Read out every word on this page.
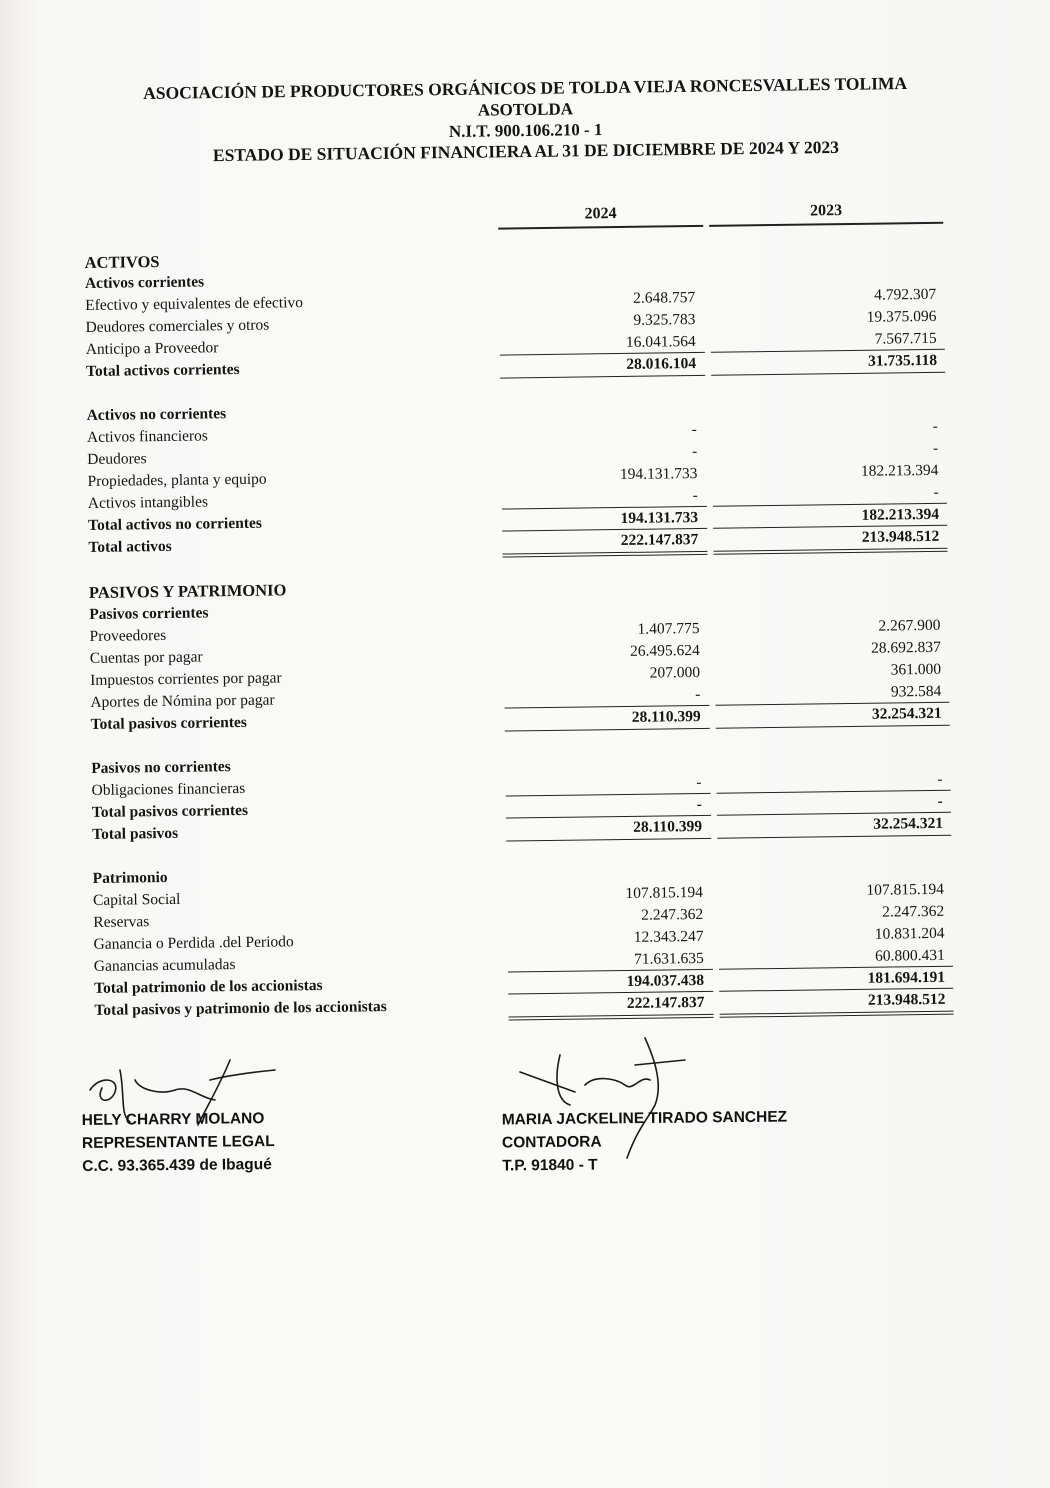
ASOCIACIÓN DE PRODUCTORES ORGÁNICOS DE TOLDA VIEJA RONCESVALLES TOLIMA
ASOTOLDA
N.I.T. 900.106.210 - 1
ESTADO DE SITUACIÓN FINANCIERA AL 31 DE DICIEMBRE DE 2024 Y 2023
2024	2023
ACTIVOS
Activos corrientes
Efectivo y equivalentes de efectivo	2.648.757	4.792.307
Deudores comerciales y otros	9.325.783	19.375.096
Anticipo a Proveedor	16.041.564	7.567.715
Total activos corrientes	28.016.104	31.735.118
Activos no corrientes
Activos financieros	-	-
Deudores	-	-
Propiedades, planta y equipo	194.131.733	182.213.394
Activos intangibles	-	-
Total activos no corrientes	194.131.733	182.213.394
Total activos	222.147.837	213.948.512
PASIVOS Y PATRIMONIO
Pasivos corrientes
Proveedores	1.407.775	2.267.900
Cuentas por pagar	26.495.624	28.692.837
Impuestos corrientes por pagar	207.000	361.000
Aportes de Nómina por pagar	-	932.584
Total pasivos corrientes	28.110.399	32.254.321
Pasivos no corrientes
Obligaciones financieras	-	-
Total pasivos corrientes	-	-
Total pasivos	28.110.399	32.254.321
Patrimonio
Capital Social	107.815.194	107.815.194
Reservas	2.247.362	2.247.362
Ganancia o Perdida .del Periodo	12.343.247	10.831.204
Ganancias acumuladas	71.631.635	60.800.431
Total patrimonio de los accionistas	194.037.438	181.694.191
Total pasivos y patrimonio de los accionistas	222.147.837	213.948.512
HELY CHARRY MOLANO
REPRESENTANTE LEGAL
C.C. 93.365.439 de Ibagué
MARIA JACKELINE TIRADO SANCHEZ
CONTADORA
T.P. 91840 - T
